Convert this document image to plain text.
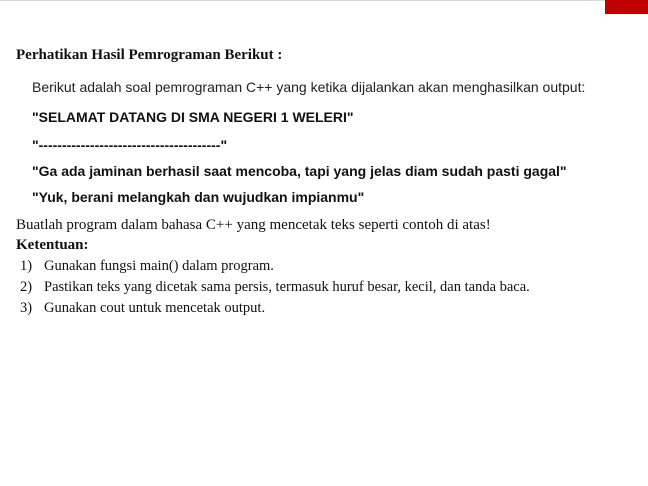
Perhatikan Hasil Pemrograman Berikut :

Berikut adalah soal pemrograman C++ yang ketika dijalankan akan menghasilkan output:

"SELAMAT DATANG DI SMA NEGERI 1 WELERI"

"---------------------------------------"

"Ga ada jaminan berhasil saat mencoba, tapi yang jelas diam sudah pasti gagal"

"Yuk, berani melangkah dan wujudkan impianmu"

Buatlah program dalam bahasa C++ yang mencetak teks seperti contoh di atas!

Ketentuan:

1) Gunakan fungsi main() dalam program.
2) Pastikan teks yang dicetak sama persis, termasuk huruf besar, kecil, dan tanda baca.
3) Gunakan cout untuk mencetak output.
